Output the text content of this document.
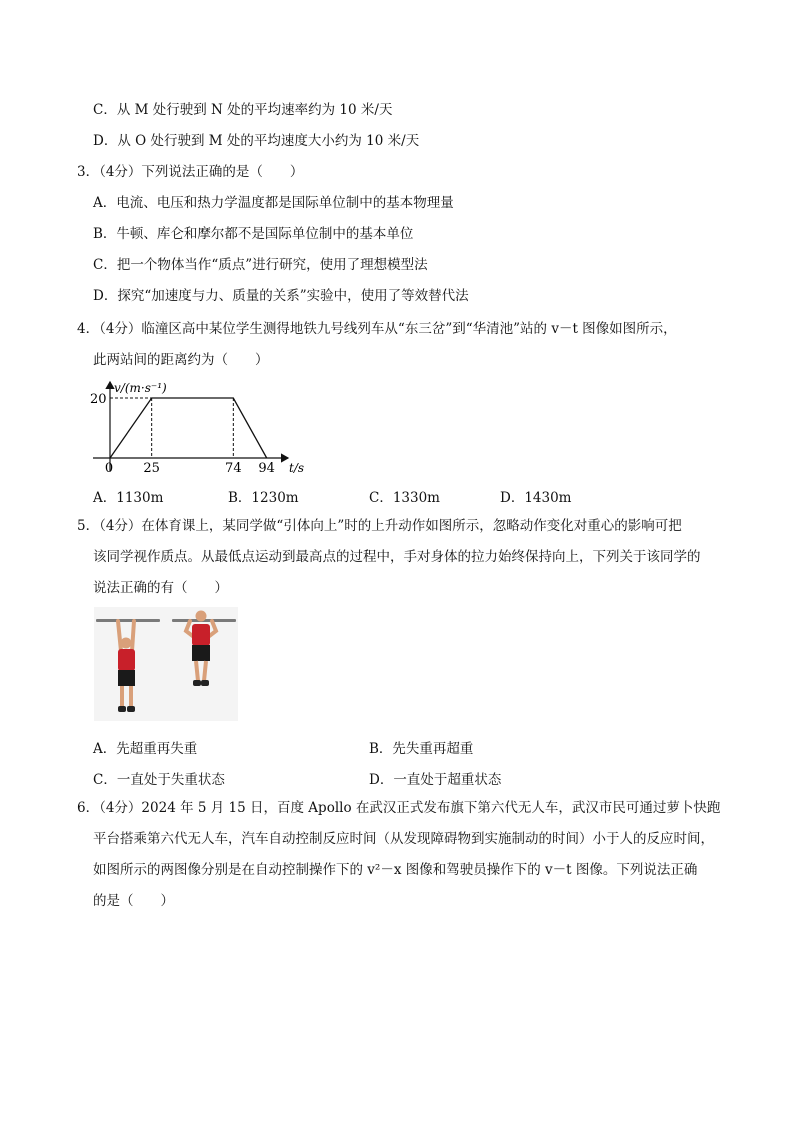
C．从 M 处行驶到 N 处的平均速率约为 10 米/天
D．从 O 处行驶到 M 处的平均速度大小约为 10 米/天
3．（4分）下列说法正确的是（　　）
A．电流、电压和热力学温度都是国际单位制中的基本物理量
B．牛顿、库仑和摩尔都不是国际单位制中的基本单位
C．把一个物体当作“质点”进行研究，使用了理想模型法
D．探究“加速度与力、质量的关系”实验中，使用了等效替代法
4．（4分）临潼区高中某位学生测得地铁九号线列车从“东三岔”到“华清池”站的 v－t 图像如图所示，
此两站间的距离约为（　　）
v/(m·s⁻¹)
t/s
20
0 25	74 94
A．1130m	B．1230m	C．1330m	D．1430m
5．（4分）在体育课上，某同学做“引体向上”时的上升动作如图所示，忽略动作变化对重心的影响可把
该同学视作质点。从最低点运动到最高点的过程中，手对身体的拉力始终保持向上，下列关于该同学的
说法正确的有（　　）
A．先超重再失重	B．先失重再超重
C．一直处于失重状态	D．一直处于超重状态
6．（4分）2024 年 5 月 15 日，百度 Apollo 在武汉正式发布旗下第六代无人车，武汉市民可通过萝卜快跑
平台搭乘第六代无人车，汽车自动控制反应时间（从发现障碍物到实施制动的时间）小于人的反应时间，
如图所示的两图像分别是在自动控制操作下的 v²－x 图像和驾驶员操作下的 v－t 图像。下列说法正确
的是（　　）
